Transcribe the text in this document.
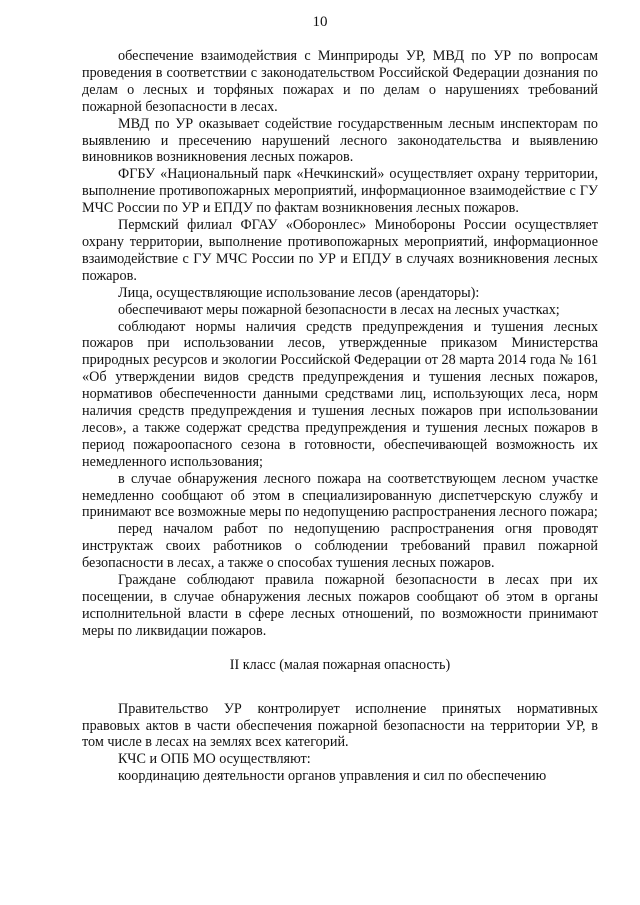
10

обеспечение взаимодействия с Минприроды УР, МВД по УР по вопросам проведения в соответствии с законодательством Российской Федерации дознания по делам о лесных и торфяных пожарах и по делам о нарушениях требований пожарной безопасности в лесах.

МВД по УР оказывает содействие государственным лесным инспекторам по выявлению и пресечению нарушений лесного законодательства и выявлению виновников возникновения лесных пожаров.

ФГБУ «Национальный парк «Нечкинский» осуществляет охрану территории, выполнение противопожарных мероприятий, информационное взаимодействие с ГУ МЧС России по УР и ЕПДУ по фактам возникновения лесных пожаров.

Пермский филиал ФГАУ «Оборонлес» Минобороны России осуществляет охрану территории, выполнение противопожарных мероприятий, информационное взаимодействие с ГУ МЧС России по УР и ЕПДУ в случаях возникновения лесных пожаров.

Лица, осуществляющие использование лесов (арендаторы):

обеспечивают меры пожарной безопасности в лесах на лесных участках;

соблюдают нормы наличия средств предупреждения и тушения лесных пожаров при использовании лесов, утвержденные приказом Министерства природных ресурсов и экологии Российской Федерации от 28 марта 2014 года № 161 «Об утверждении видов средств предупреждения и тушения лесных пожаров, нормативов обеспеченности данными средствами лиц, использующих леса, норм наличия средств предупреждения и тушения лесных пожаров при использовании лесов», а также содержат средства предупреждения и тушения лесных пожаров в период пожароопасного сезона в готовности, обеспечивающей возможность их немедленного использования;

в случае обнаружения лесного пожара на соответствующем лесном участке немедленно сообщают об этом в специализированную диспетчерскую службу и принимают все возможные меры по недопущению распространения лесного пожара;

перед началом работ по недопущению распространения огня проводят инструктаж своих работников о соблюдении требований правил пожарной безопасности в лесах, а также о способах тушения лесных пожаров.

Граждане соблюдают правила пожарной безопасности в лесах при их посещении, в случае обнаружения лесных пожаров сообщают об этом в органы исполнительной власти в сфере лесных отношений, по возможности принимают меры по ликвидации пожаров.

II класс (малая пожарная опасность)

Правительство УР контролирует исполнение принятых нормативных правовых актов в части обеспечения пожарной безопасности на территории УР, в том числе в лесах на землях всех категорий.

КЧС и ОПБ МО осуществляют:

координацию деятельности органов управления и сил по обеспечению
